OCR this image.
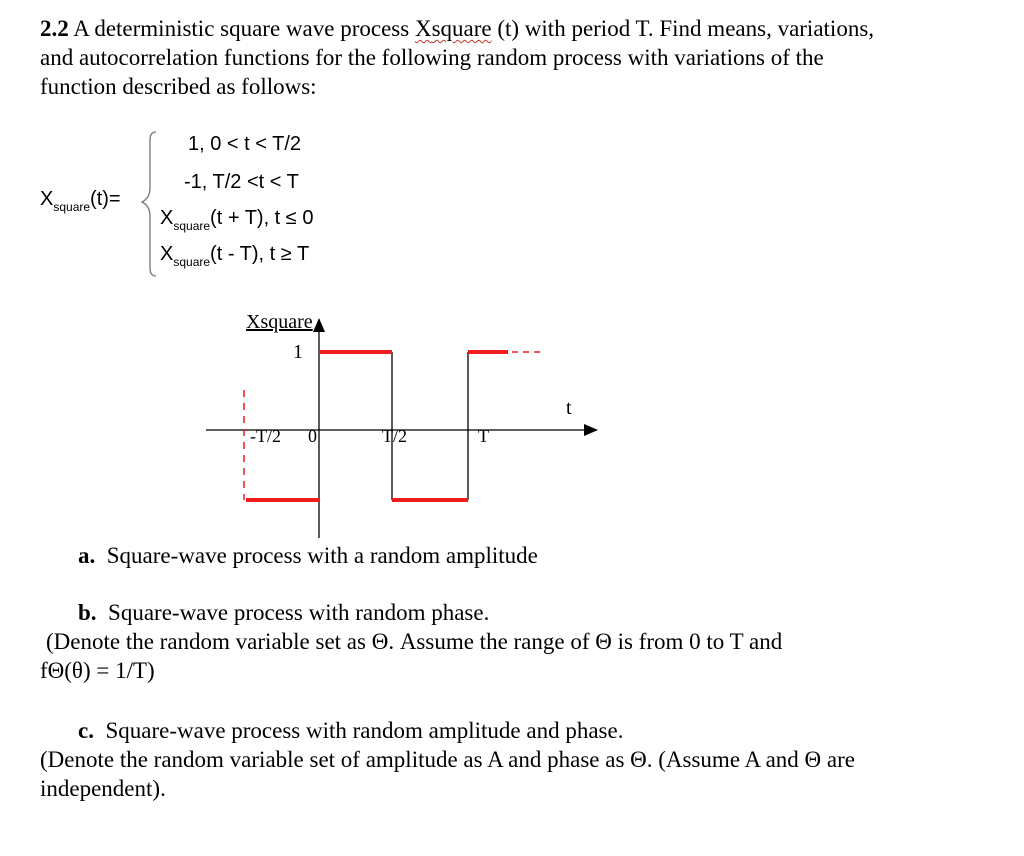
2.2 A deterministic square wave process Xsquare (t) with period T. Find means, variations,
and autocorrelation functions for the following random process with variations of the
function described as follows:
$X_{square}(t)=$
1, 0 < t < T/2
-1, T/2 <t < T
$X_{square}(t + T)$, t ≤ 0
$X_{square}(t - T)$, t ≥ T
Xsquare
1
t
-T/2 0	T/2	T
a. Square-wave process with a random amplitude
b. Square-wave process with random phase.
(Denote the random variable set as Θ. Assume the range of Θ is from 0 to T and
fΘ(θ) = 1/T)
c. Square-wave process with random amplitude and phase.
(Denote the random variable set of amplitude as A and phase as Θ. (Assume A and Θ are
independent).
